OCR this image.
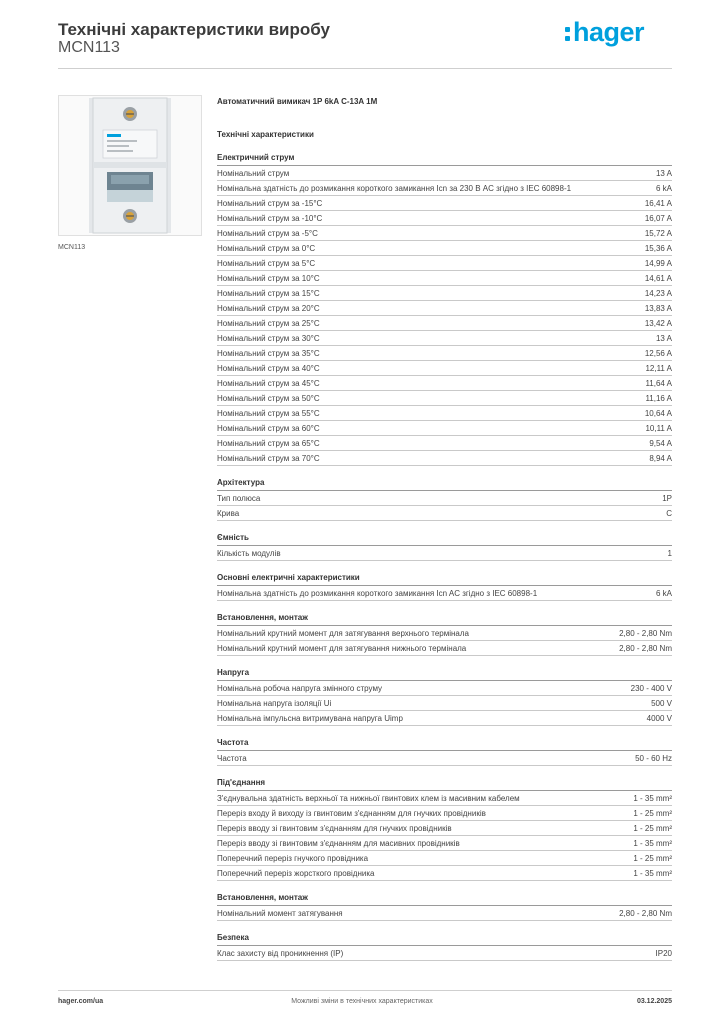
Технічні характеристики виробу
MCN113
hager
MCN113
Автоматичний вимикач 1P 6kA C-13A 1M
Технічні характеристики
Електричний струм
Номінальний струм	13 A
Номінальна здатність до розмикання короткого замикання Icn за 230 В AC згідно з IEC 60898-1	6 kA
Номінальний струм за -15°C	16,41 A
Номінальний струм за -10°C	16,07 A
Номінальний струм за -5°C	15,72 A
Номінальний струм за 0°C	15,36 A
Номінальний струм за 5°C	14,99 A
Номінальний струм за 10°C	14,61 A
Номінальний струм за 15°C	14,23 A
Номінальний струм за 20°C	13,83 A
Номінальний струм за 25°C	13,42 A
Номінальний струм за 30°C	13 A
Номінальний струм за 35°C	12,56 A
Номінальний струм за 40°C	12,11 A
Номінальний струм за 45°C	11,64 A
Номінальний струм за 50°C	11,16 A
Номінальний струм за 55°C	10,64 A
Номінальний струм за 60°C	10,11 A
Номінальний струм за 65°C	9,54 A
Номінальний струм за 70°C	8,94 A
Архітектура
Тип полюса	1P
Крива	C
Ємність
Кількість модулів	1
Основні електричні характеристики
Номінальна здатність до розмикання короткого замикання Icn AC згідно з IEC 60898-1	6 kA
Встановлення, монтаж
Номінальний крутний момент для затягування верхнього термінала	2,80 - 2,80 Nm
Номінальний крутний момент для затягування нижнього термінала	2,80 - 2,80 Nm
Напруга
Номінальна робоча напруга змінного струму	230 - 400 V
Номінальна напруга ізоляції Ui	500 V
Номінальна імпульсна витримувана напруга Uimp	4000 V
Частота
Частота	50 - 60 Hz
Під'єднання
З'єднувальна здатність верхньої та нижньої гвинтових клем із масивним кабелем	1 - 35 mm²
Переріз входу й виходу із гвинтовим з'єднанням для гнучких провідників	1 - 25 mm²
Переріз вводу зі гвинтовим з'єднанням для гнучких провідників	1 - 25 mm²
Переріз вводу зі гвинтовим з'єднанням для масивних провідників	1 - 35 mm²
Поперечний переріз гнучкого провідника	1 - 25 mm²
Поперечний переріз жорсткого провідника	1 - 35 mm²
Встановлення, монтаж
Номінальний момент затягування	2,80 - 2,80 Nm
Безпека
Клас захисту від проникнення (IP)	IP20
hager.com/ua	Можливі зміни в технічних характеристиках	03.12.2025
